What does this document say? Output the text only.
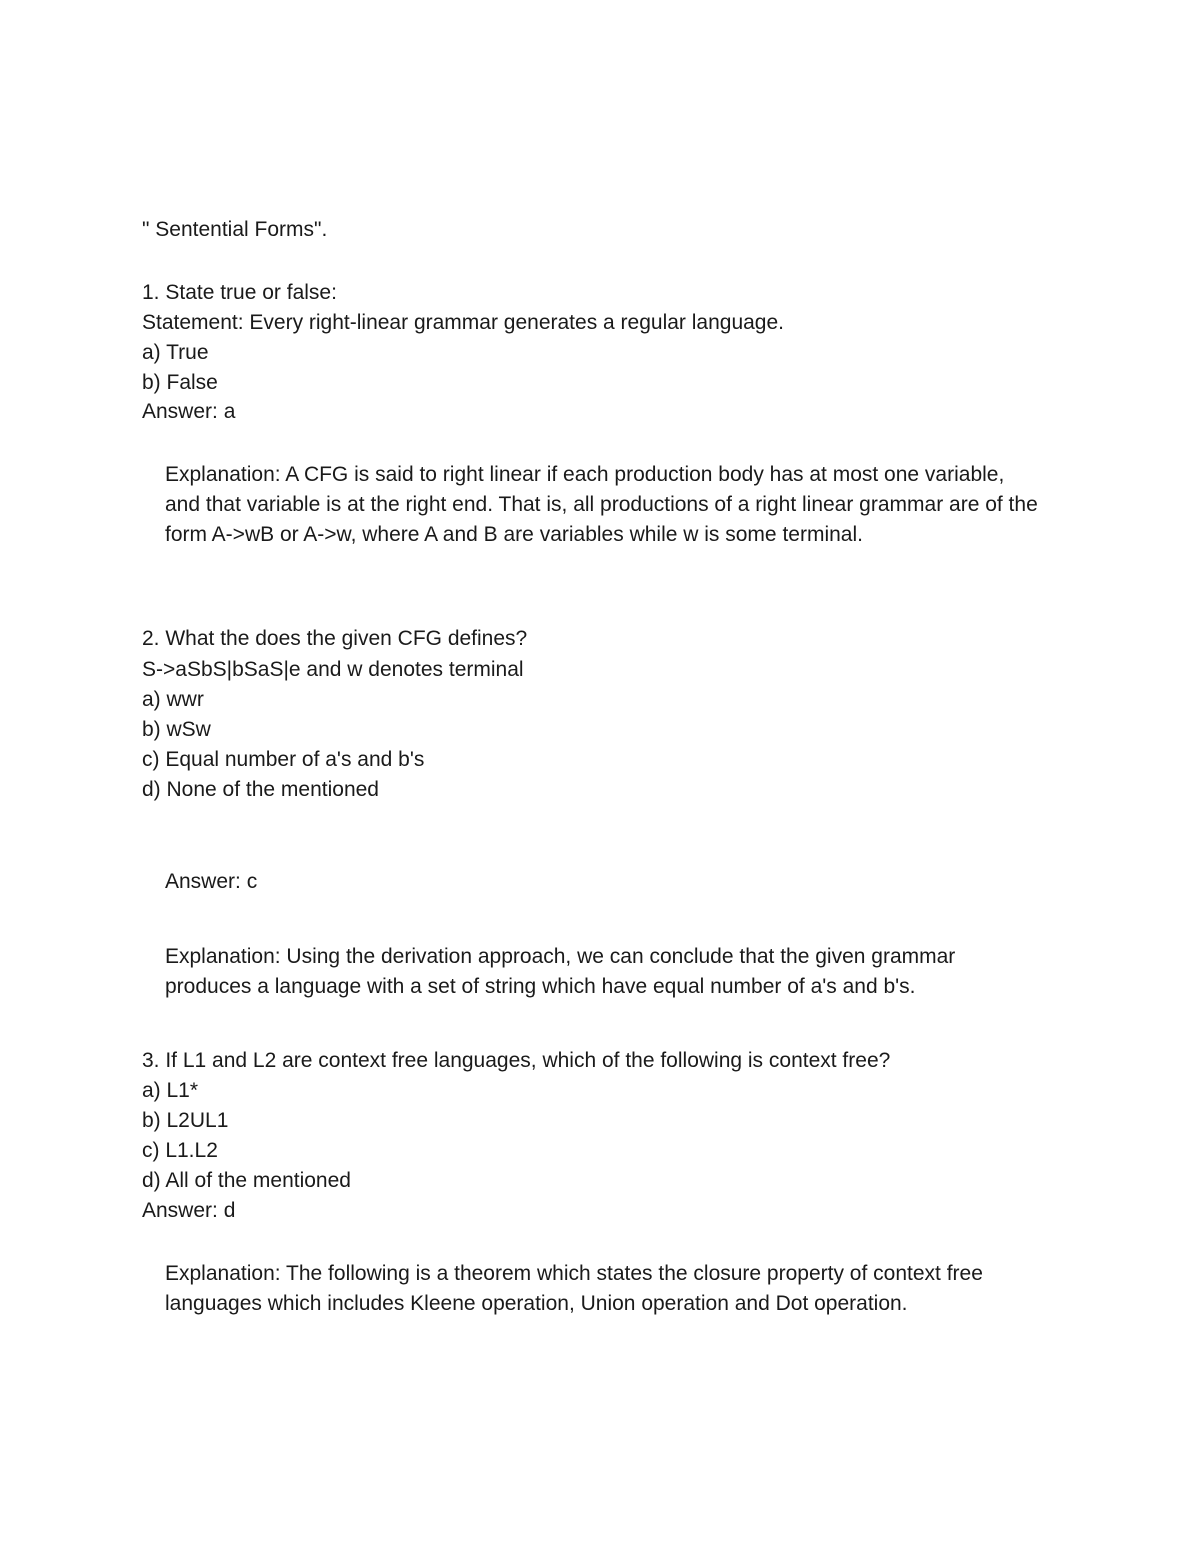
" Sentential Forms".
1. State true or false:
Statement: Every right-linear grammar generates a regular language.
a) True
b) False
Answer: a
Explanation: A CFG is said to right linear if each production body has at most one variable, and that variable is at the right end. That is, all productions of a right linear grammar are of the form A->wB or A->w, where A and B are variables while w is some terminal.
2. What the does the given CFG defines?
S->aSbS|bSaS|e and w denotes terminal
a) wwr
b) wSw
c) Equal number of a's and b's
d) None of the mentioned
Answer: c
Explanation: Using the derivation approach, we can conclude that the given grammar produces a language with a set of string which have equal number of a's and b's.
3. If L1 and L2 are context free languages, which of the following is context free?
a) L1*
b) L2UL1
c) L1.L2
d) All of the mentioned
Answer: d
Explanation: The following is a theorem which states the closure property of context free languages which includes Kleene operation, Union operation and Dot operation.
